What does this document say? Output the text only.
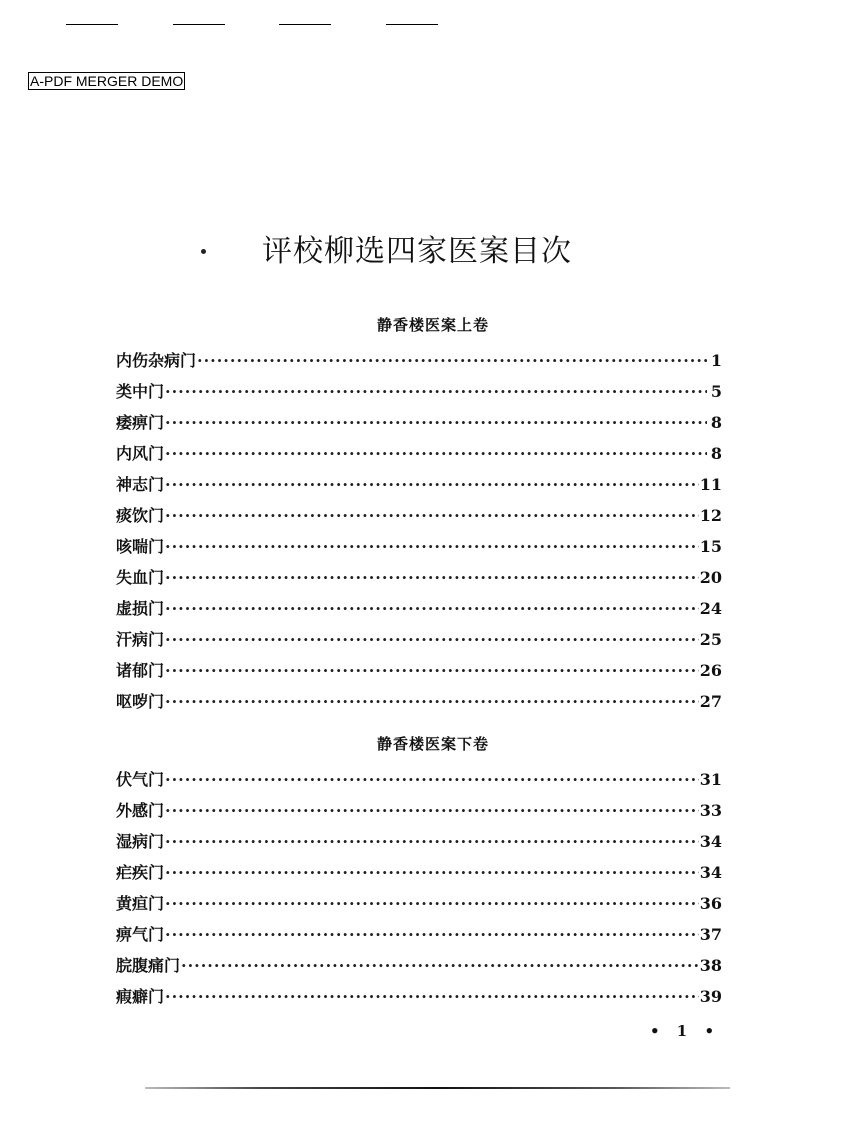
A-PDF MERGER DEMO
评校柳选四家医案目次
静香楼医案上卷
内伤杂病门 ·····	1
类中门 ·····	5
痿痹门 ·····	8
内风门 ·····	8
神志门 ·····	11
痰饮门 ·····	12
咳喘门 ·····	15
失血门 ·····	20
虚损门 ·····	24
汗病门 ·····	25
诸郁门 ·····	26
呕哕门 ·····	27
静香楼医案下卷
伏气门 ·····	31
外感门 ·····	33
湿病门 ·····	34
疟疾门 ·····	34
黄疸门 ·····	36
痹气门 ·····	37
脘腹痛门 ·····	38
瘕癖门 ·····	39
• 1 •
